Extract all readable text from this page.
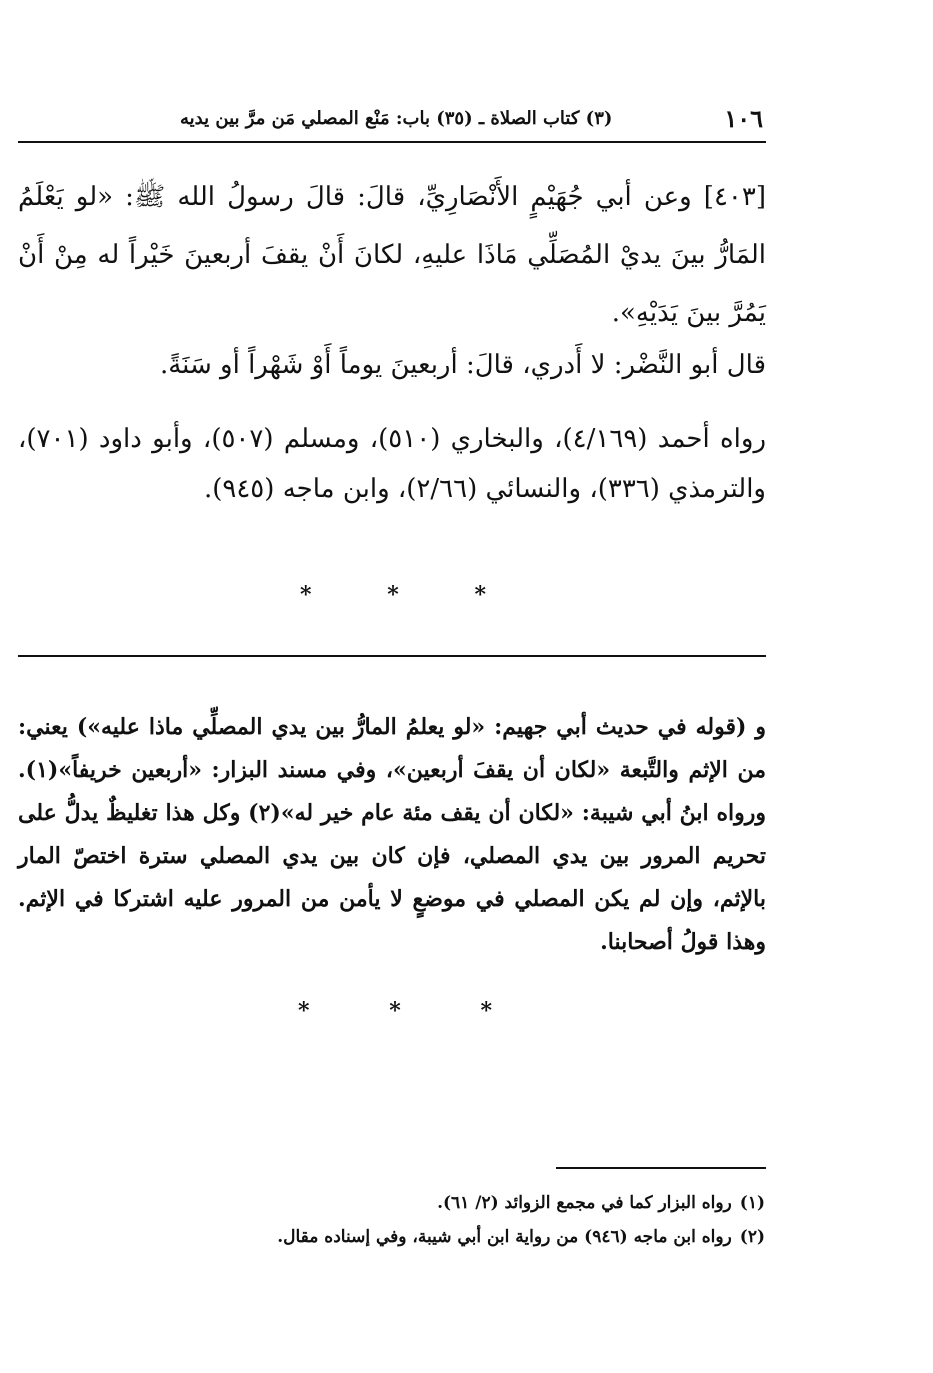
١٠٦
(٣) كتاب الصلاة ـ (٣٥) باب: مَنْع المصلي مَن مرَّ بين يديه

[٤٠٣] وعن أبي جُهَيْمٍ الأَنْصَارِيِّ، قالَ: قالَ رسولُ الله ﷺ: «لو يَعْلَمُ المَارُّ بينَ يديْ المُصَلِّي مَاذَا عليهِ، لكانَ أَنْ يقفَ أربعينَ خَيْراً له مِنْ أَنْ يَمُرَّ بينَ يَدَيْهِ».

قال أبو النَّضْر: لا أَدري، قالَ: أربعينَ يوماً أَوْ شَهْراً أو سَنَةً.

رواه أحمد (٤/١٦٩)، والبخاري (٥١٠)، ومسلم (٥٠٧)، وأبو داود (٧٠١)، والترمذي (٣٣٦)، والنسائي (٢/٦٦)، وابن ماجه (٩٤٥).

*	*	*

و (قوله في حديث أبي جهيم: «لو يعلمُ المارُّ بين يدي المصلِّي ماذا عليه») يعني: من الإثم والتَّبعة «لكان أن يقفَ أربعين»، وفي مسند البزار: «أربعين خريفاً»(١). ورواه ابنُ أبي شيبة: «لكان أن يقف مئة عام خير له»(٢) وكل هذا تغليظٌ يدلُّ على تحريم المرور بين يدي المصلي، فإن كان بين يدي المصلي سترة اختصّ المار بالإثم، وإن لم يكن المصلي في موضعٍ لا يأمن من المرور عليه اشتركا في الإثم. وهذا قولُ أصحابنا.

*	*	*
(١)رواه البزار كما في مجمع الزوائد (٢/ ٦١).
(٢)رواه ابن ماجه (٩٤٦) من رواية ابن أبي شيبة، وفي إسناده مقال.
